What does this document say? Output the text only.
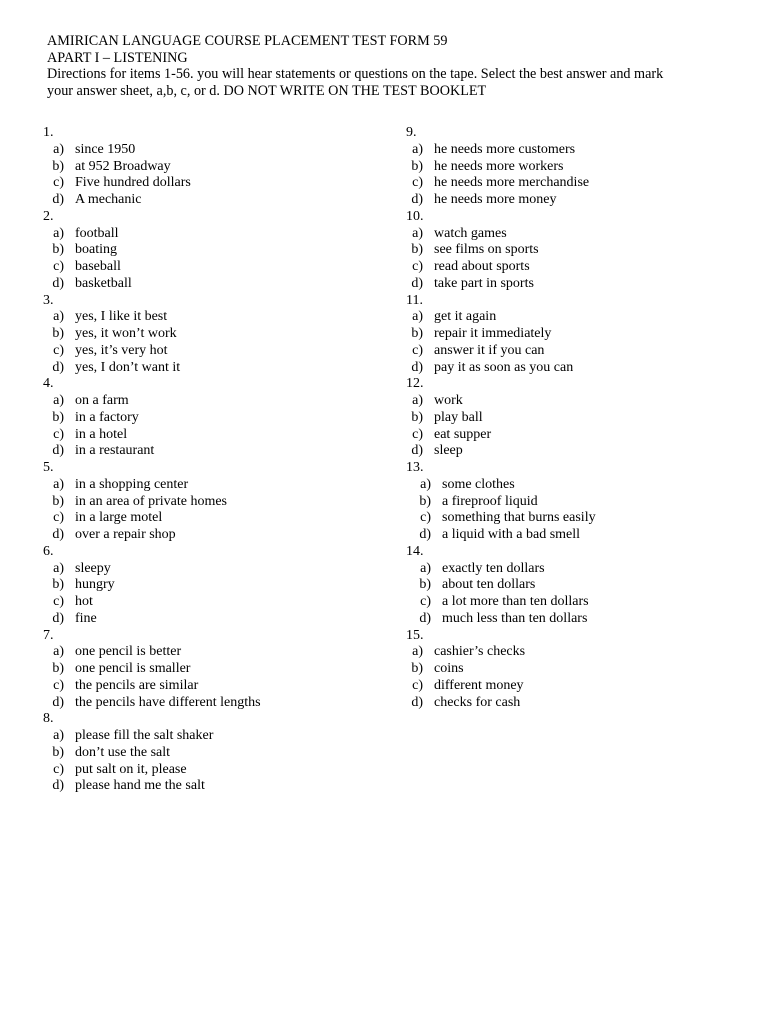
AMIRICAN LANGUAGE COURSE PLACEMENT TEST FORM 59
APART I – LISTENING
Directions for items 1-56. you will hear statements or questions on the tape. Select the best answer and mark
your answer sheet, a,b, c, or d. DO NOT WRITE ON THE TEST BOOKLET
1.
a) since 1950
b) at 952 Broadway
c) Five hundred dollars
d) A mechanic
2.
a) football
b) boating
c) baseball
d) basketball
3.
a) yes, I like it best
b) yes, it won’t work
c) yes, it’s very hot
d) yes, I don’t want it
4.
a) on a farm
b) in a factory
c) in a hotel
d) in a restaurant
5.
a) in a shopping center
b) in an area of private homes
c) in a large motel
d) over a repair shop
6.
a) sleepy
b) hungry
c) hot
d) fine
7.
a) one pencil is better
b) one pencil is smaller
c) the pencils are similar
d) the pencils have different lengths
8.
a) please fill the salt shaker
b) don’t use the salt
c) put salt on it, please
d) please hand me the salt
9.
a) he needs more customers
b) he needs more workers
c) he needs more merchandise
d) he needs more money
10.
a) watch games
b) see films on sports
c) read about sports
d) take part in sports
11.
a) get it again
b) repair it immediately
c) answer it if you can
d) pay it as soon as you can
12.
a) work
b) play ball
c) eat supper
d) sleep
13.
a) some clothes
b) a fireproof liquid
c) something that burns easily
d) a liquid with a bad smell
14.
a) exactly ten dollars
b) about ten dollars
c) a lot more than ten dollars
d) much less than ten dollars
15.
a) cashier’s checks
b) coins
c) different money
d) checks for cash
